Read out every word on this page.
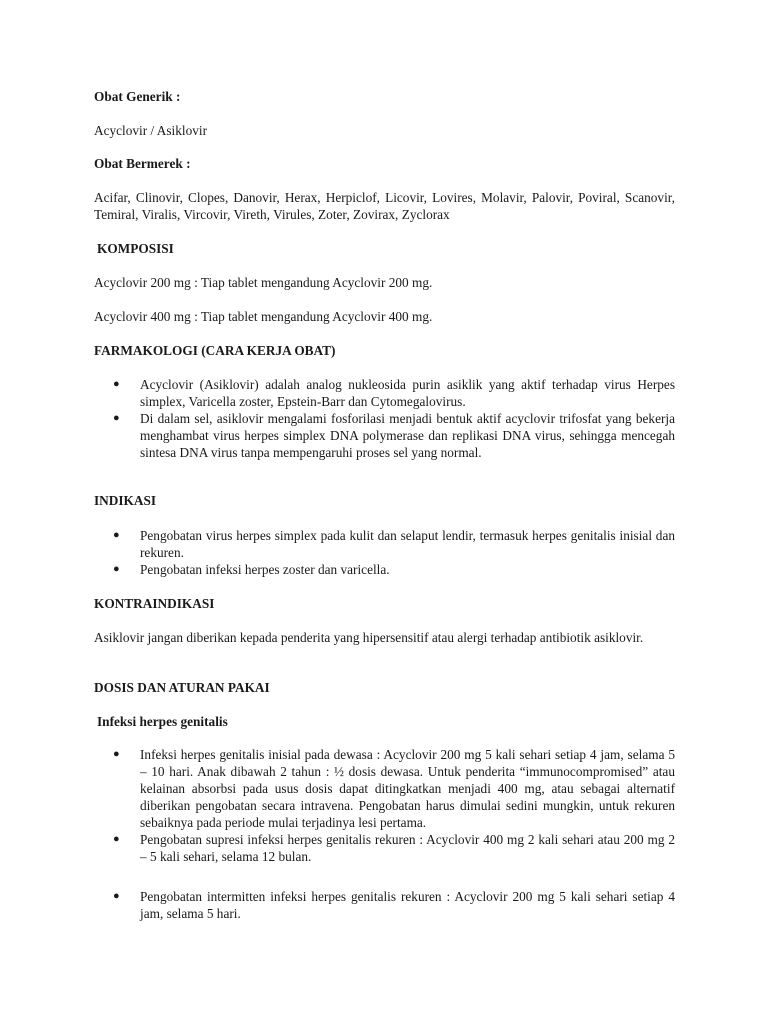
Obat Generik :

Acyclovir / Asiklovir

Obat Bermerek :

Acifar, Clinovir, Clopes, Danovir, Herax, Herpiclof, Licovir, Lovires, Molavir, Palovir, Poviral, Scanovir, Temiral, Viralis, Vircovir, Vireth, Virules, Zoter, Zovirax, Zyclorax

KOMPOSISI

Acyclovir 200 mg : Tiap tablet mengandung Acyclovir 200 mg.

Acyclovir 400 mg : Tiap tablet mengandung Acyclovir 400 mg.

FARMAKOLOGI (CARA KERJA OBAT)

● Acyclovir (Asiklovir) adalah analog nukleosida purin asiklik yang aktif terhadap virus Herpes simplex, Varicella zoster, Epstein-Barr dan Cytomegalovirus.
● Di dalam sel, asiklovir mengalami fosforilasi menjadi bentuk aktif acyclovir trifosfat yang bekerja menghambat virus herpes simplex DNA polymerase dan replikasi DNA virus, sehingga mencegah sintesa DNA virus tanpa mempengaruhi proses sel yang normal.

INDIKASI

● Pengobatan virus herpes simplex pada kulit dan selaput lendir, termasuk herpes genitalis inisial dan rekuren.
● Pengobatan infeksi herpes zoster dan varicella.

KONTRAINDIKASI

Asiklovir jangan diberikan kepada penderita yang hipersensitif atau alergi terhadap antibiotik asiklovir.

DOSIS DAN ATURAN PAKAI

Infeksi herpes genitalis

● Infeksi herpes genitalis inisial pada dewasa : Acyclovir 200 mg 5 kali sehari setiap 4 jam, selama 5 – 10 hari. Anak dibawah 2 tahun : ½ dosis dewasa. Untuk penderita “immunocompromised” atau kelainan absorbsi pada usus dosis dapat ditingkatkan menjadi 400 mg, atau sebagai alternatif diberikan pengobatan secara intravena. Pengobatan harus dimulai sedini mungkin, untuk rekuren sebaiknya pada periode mulai terjadinya lesi pertama.
● Pengobatan supresi infeksi herpes genitalis rekuren : Acyclovir 400 mg 2 kali sehari atau 200 mg 2 – 5 kali sehari, selama 12 bulan.
● Pengobatan intermitten infeksi herpes genitalis rekuren : Acyclovir 200 mg 5 kali sehari setiap 4 jam, selama 5 hari.
